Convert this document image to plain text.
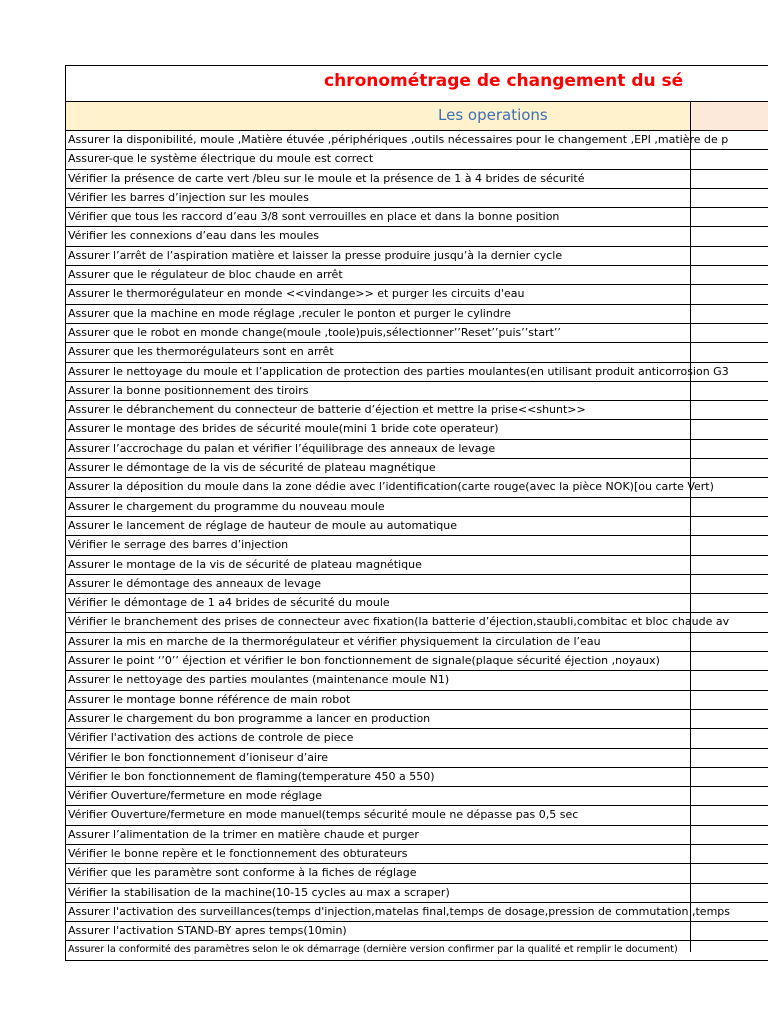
chronométrage de changement du sé
Les operations
Assurer la disponibilité, moule ,Matière étuvée ,périphériques ,outils nécessaires pour le changement ,EPI ,matière de p
Assurer-que le système électrique du moule est correct
Vérifier la présence de carte vert /bleu sur le moule et la présence de 1 à 4 brides de sécurité
Vérifier les barres d’injection sur les moules
Vérifier que tous les raccord d’eau 3/8 sont verrouilles en place et dans la bonne position
Vérifier les connexions d’eau dans les moules
Assurer l’arrêt de l’aspiration matière et laisser la presse produire jusqu’à la dernier cycle
Assurer que le régulateur de bloc chaude en arrêt
Assurer le thermorégulateur en monde <<vindange>> et purger les circuits d'eau
Assurer que la machine en mode réglage ,reculer le ponton et purger le cylindre
Assurer que le robot en monde change(moule ,toole)puis,sélectionner’’Reset’’puis’’start’’
Assurer que les thermorégulateurs sont en arrêt
Assurer le nettoyage du moule et l’application de protection des parties moulantes(en utilisant produit anticorrosion G3
Assurer la bonne positionnement des tiroirs
Assurer le débranchement du connecteur de batterie d’éjection et mettre la prise<<shunt>>
Assurer le montage des brides de sécurité moule(mini 1 bride cote operateur)
Assurer l’accrochage du palan et vérifier l’équilibrage des anneaux de levage
Assurer le démontage de la vis de sécurité de plateau magnétique
Assurer la déposition du moule dans la zone dédie avec l’identification(carte rouge(avec la pièce NOK)[ou carte Vert)
Assurer le chargement du programme du nouveau moule
Assurer le lancement de réglage de hauteur de moule au automatique
Vérifier le serrage des barres d’injection
Assurer le montage de la vis de sécurité de plateau magnétique
Assurer le démontage des anneaux de levage
Vérifier le démontage de 1 a4 brides de sécurité du moule
Vérifier le branchement des prises de connecteur avec fixation(la batterie d’éjection,staubli,combitac et bloc chaude av
Assurer la mis en marche de la thermorégulateur et vérifier physiquement la circulation de l’eau
Assurer le point ‘’0’’ éjection et vérifier le bon fonctionnement de signale(plaque sécurité éjection ,noyaux)
Assurer le nettoyage des parties moulantes (maintenance moule N1)
Assurer le montage bonne référence de main robot
Assurer le chargement du bon programme a lancer en production
Vérifier l'activation des actions de controle de piece
Vérifier le bon fonctionnement d’ioniseur d’aire
Vérifier le bon fonctionnement de flaming(temperature 450 a 550)
Vérifier Ouverture/fermeture en mode réglage
Vérifier Ouverture/fermeture en mode manuel(temps sécurité moule ne dépasse pas 0,5 sec
Assurer l’alimentation de la trimer en matière chaude et purger
Vérifier le bonne repère et le fonctionnement des obturateurs
Vérifier que les paramètre sont conforme à la fiches de réglage
Vérifier la stabilisation de la machine(10-15 cycles au max a scraper)
Assurer l'activation des surveillances(temps d'injection,matelas final,temps de dosage,pression de commutation ,temps
Assurer l'activation STAND-BY apres temps(10min)
Assurer la conformité des paramètres selon le ok démarrage (dernière version confirmer par la qualité et remplir le document)
